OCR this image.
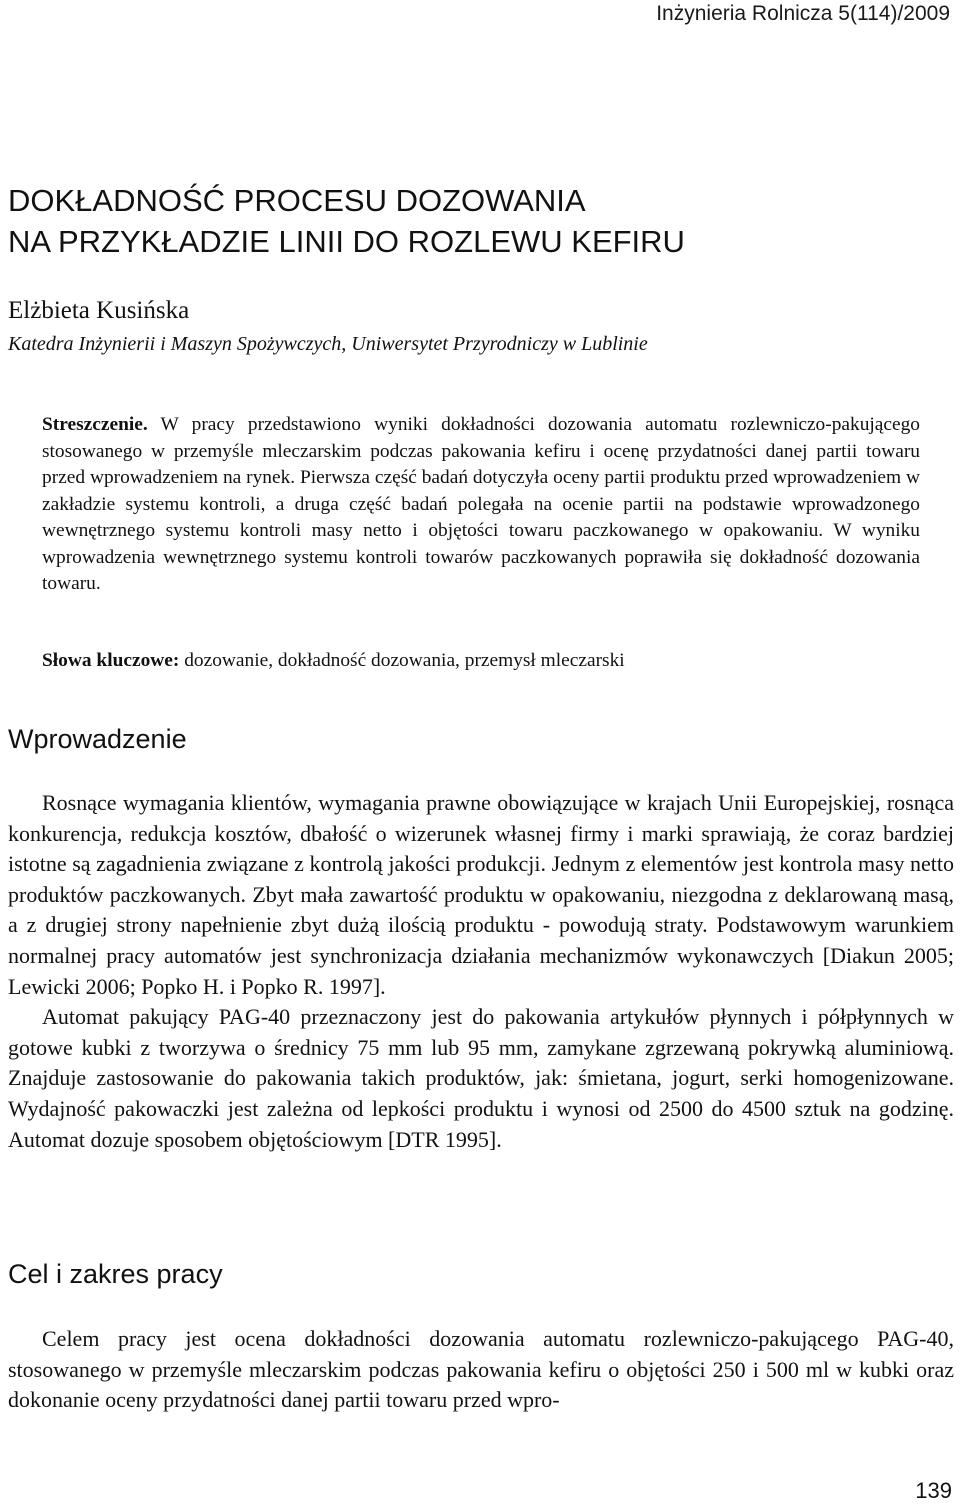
Inżynieria Rolnicza 5(114)/2009
DOKŁADNOŚĆ PROCESU DOZOWANIA
NA PRZYKŁADZIE LINII DO ROZLEWU KEFIRU
Elżbieta Kusińska
Katedra Inżynierii i Maszyn Spożywczych, Uniwersytet Przyrodniczy w Lublinie

Streszczenie. W pracy przedstawiono wyniki dokładności dozowania automatu rozlewniczo-pakującego stosowanego w przemyśle mleczarskim podczas pakowania kefiru i ocenę przydatności danej partii towaru przed wprowadzeniem na rynek. Pierwsza część badań dotyczyła oceny partii produktu przed wprowadzeniem w zakładzie systemu kontroli, a druga część badań polegała na ocenie partii na podstawie wprowadzonego wewnętrznego systemu kontroli masy netto i objętości towaru paczkowanego w opakowaniu. W wyniku wprowadzenia wewnętrznego systemu kontroli towarów paczkowanych poprawiła się dokładność dozowania towaru.

Słowa kluczowe: dozowanie, dokładność dozowania, przemysł mleczarski

Wprowadzenie

Rosnące wymagania klientów, wymagania prawne obowiązujące w krajach Unii Europejskiej, rosnąca konkurencja, redukcja kosztów, dbałość o wizerunek własnej firmy i marki sprawiają, że coraz bardziej istotne są zagadnienia związane z kontrolą jakości produkcji. Jednym z elementów jest kontrola masy netto produktów paczkowanych. Zbyt mała zawartość produktu w opakowaniu, niezgodna z deklarowaną masą, a z drugiej strony napełnienie zbyt dużą ilością produktu - powodują straty. Podstawowym warunkiem normalnej pracy automatów jest synchronizacja działania mechanizmów wykonawczych [Diakun 2005; Lewicki 2006; Popko H. i Popko R. 1997].

Automat pakujący PAG-40 przeznaczony jest do pakowania artykułów płynnych i półpłynnych w gotowe kubki z tworzywa o średnicy 75 mm lub 95 mm, zamykane zgrzewaną pokrywką aluminiową. Znajduje zastosowanie do pakowania takich produktów, jak: śmietana, jogurt, serki homogenizowane. Wydajność pakowaczki jest zależna od lepkości produktu i wynosi od 2500 do 4500 sztuk na godzinę. Automat dozuje sposobem objętościowym [DTR 1995].

Cel i zakres pracy

Celem pracy jest ocena dokładności dozowania automatu rozlewniczo-pakującego PAG-40, stosowanego w przemyśle mleczarskim podczas pakowania kefiru o objętości 250 i 500 ml w kubki oraz dokonanie oceny przydatności danej partii towaru przed wpro-

139
